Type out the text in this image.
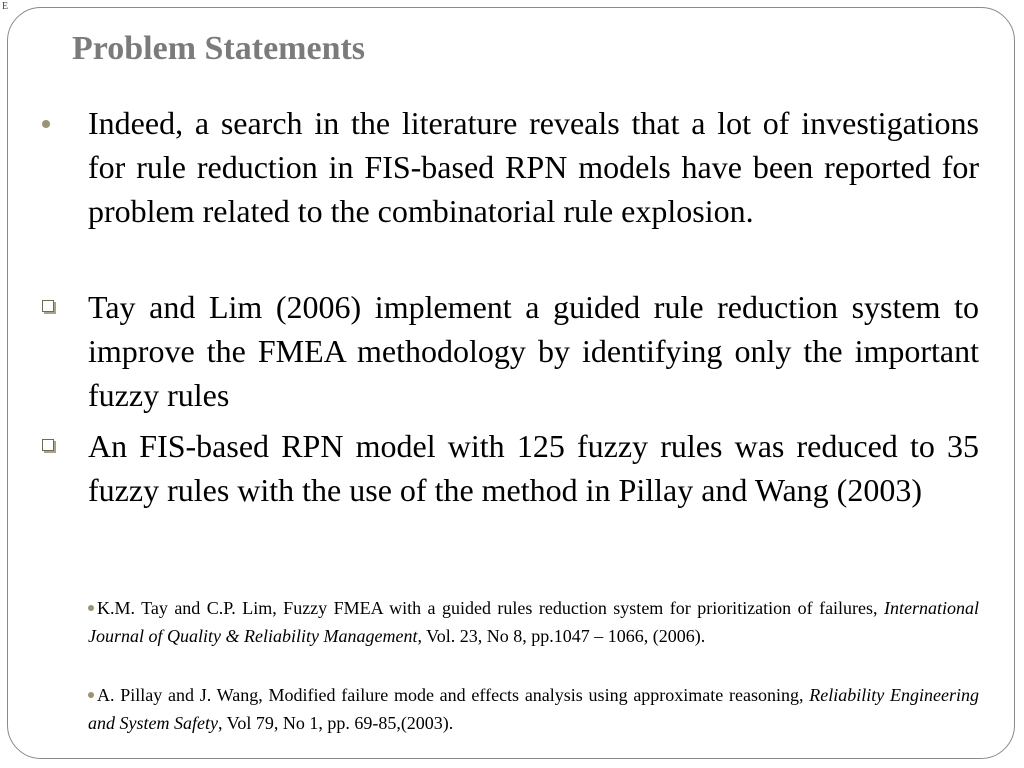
E
Problem Statements
Indeed, a search in the literature reveals that a lot of investigations for rule reduction in FIS-based RPN models have been reported for problem related to the combinatorial rule explosion.
Tay and Lim (2006) implement a guided rule reduction system to improve the FMEA methodology by identifying only the important fuzzy rules
An FIS-based RPN model with 125 fuzzy rules was reduced to 35 fuzzy rules with the use of the method in Pillay and Wang (2003)
K.M. Tay and C.P. Lim, Fuzzy FMEA with a guided rules reduction system for prioritization of failures, International Journal of Quality & Reliability Management, Vol. 23, No 8, pp.1047 – 1066, (2006).
A. Pillay and J. Wang, Modified failure mode and effects analysis using approximate reasoning, Reliability Engineering and System Safety, Vol 79, No 1, pp. 69-85,(2003).
